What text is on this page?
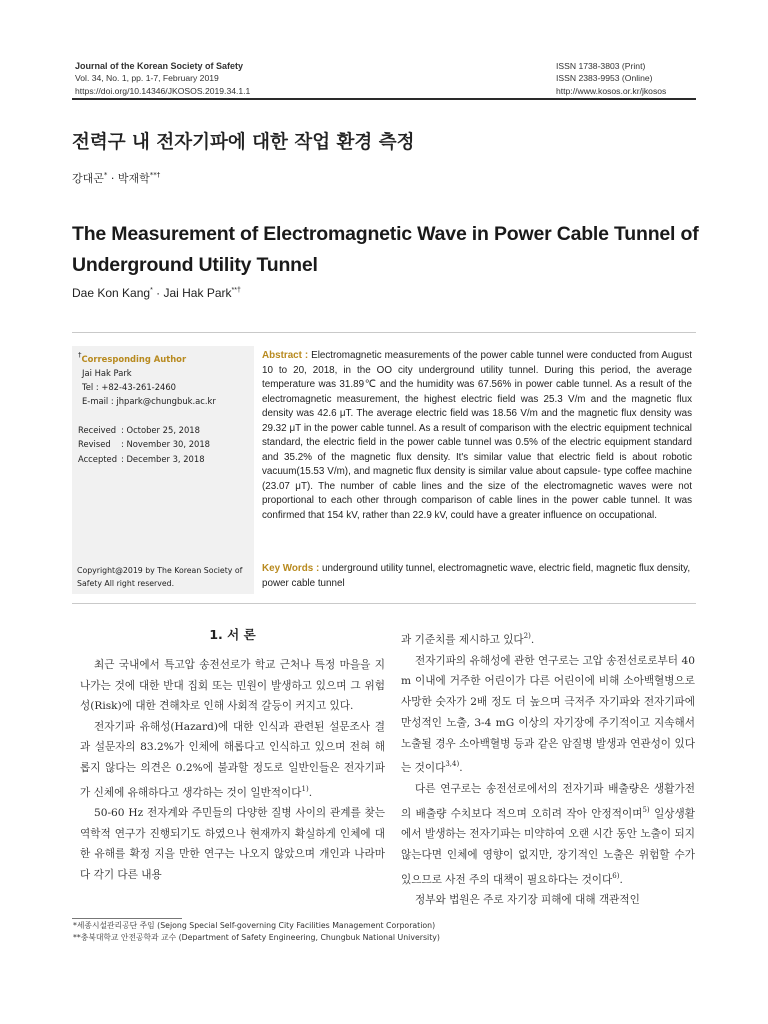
Journal of the Korean Society of Safety
Vol. 34, No. 1, pp. 1-7, February 2019
https://doi.org/10.14346/JKOSOS.2019.34.1.1
ISSN 1738-3803 (Print)
ISSN 2383-9953 (Online)
http://www.kosos.or.kr/jkosos
전력구 내 전자기파에 대한 작업 환경 측정
강대곤* · 박재학**†
The Measurement of Electromagnetic Wave in Power Cable Tunnel of Underground Utility Tunnel
Dae Kon Kang* · Jai Hak Park**†
†Corresponding Author
Jai Hak Park
Tel : +82-43-261-2460
E-mail : jhpark@chungbuk.ac.kr
Received	: October 25, 2018
Revised	: November 30, 2018
Accepted	: December 3, 2018
Copyright@2019 by The Korean Society of Safety All right reserved.
Abstract : Electromagnetic measurements of the power cable tunnel were conducted from August 10 to 20, 2018, in the OO city underground utility tunnel. During this period, the average temperature was 31.89℃ and the humidity was 67.56% in power cable tunnel. As a result of the electromagnetic measurement, the highest electric field was 25.3 V/m and the magnetic flux density was 42.6 μT. The average electric field was 18.56 V/m and the magnetic flux density was 29.32 μT in the power cable tunnel. As a result of comparison with the electric equipment technical standard, the electric field in the power cable tunnel was 0.5% of the electric equipment standard and 35.2% of the magnetic flux density. It's similar value that electric field is about robotic vacuum(15.53 V/m), and magnetic flux density is similar value about capsule- type coffee machine (23.07 μT). The number of cable lines and the size of the electromagnetic waves were not proportional to each other through comparison of cable lines in the power cable tunnel. It was confirmed that 154 kV, rather than 22.9 kV, could have a greater influence on occupational.
Key Words : underground utility tunnel, electromagnetic wave, electric field, magnetic flux density, power cable tunnel
1. 서 론

최근 국내에서 특고압 송전선로가 학교 근처나 특정 마을을 지나가는 것에 대한 반대 집회 또는 민원이 발생하고 있으며 그 위험성(Risk)에 대한 견해차로 인해 사회적 갈등이 커지고 있다.

전자기파 유해성(Hazard)에 대한 인식과 관련된 설문조사 결과 설문자의 83.2%가 인체에 해롭다고 인식하고 있으며 전혀 해롭지 않다는 의견은 0.2%에 불과할 정도로 일반인들은 전자기파가 신체에 유해하다고 생각하는 것이 일반적이다$^{1)}$.

50-60 Hz 전자계와 주민들의 다양한 질병 사이의 관계를 찾는 역학적 연구가 진행되기도 하였으나 현재까지 확실하게 인체에 대한 유해를 확정 지을 만한 연구는 나오지 않았으며 개인과 나라마다 각기 다른 내용

과 기준치를 제시하고 있다$^{2)}$.

전자기파의 유해성에 관한 연구로는 고압 송전선로로부터 40 m 이내에 거주한 어린이가 다른 어린이에 비해 소아백혈병으로 사망한 숫자가 2배 정도 더 높으며 극저주 자기파와 전자기파에 만성적인 노출, 3-4 mG 이상의 자기장에 주기적이고 지속해서 노출될 경우 소아백혈병 등과 같은 암질병 발생과 연관성이 있다는 것이다$^{3,4)}$.

다른 연구로는 송전선로에서의 전자기파 배출량은 생활가전의 배출량 수치보다 적으며 오히려 작아 안정적이며$^{5)}$ 일상생활에서 발생하는 전자기파는 미약하여 오랜 시간 동안 노출이 되지 않는다면 인체에 영향이 없지만, 장기적인 노출은 위험할 수가 있으므로 사전 주의 대책이 필요하다는 것이다$^{6)}$.

정부와 법원은 주로 자기장 피해에 대해 객관적인

*세종시설관리공단 주임 (Sejong Special Self-governing City Facilities Management Corporation)
**충북대학교 안전공학과 교수 (Department of Safety Engineering, Chungbuk National University)
